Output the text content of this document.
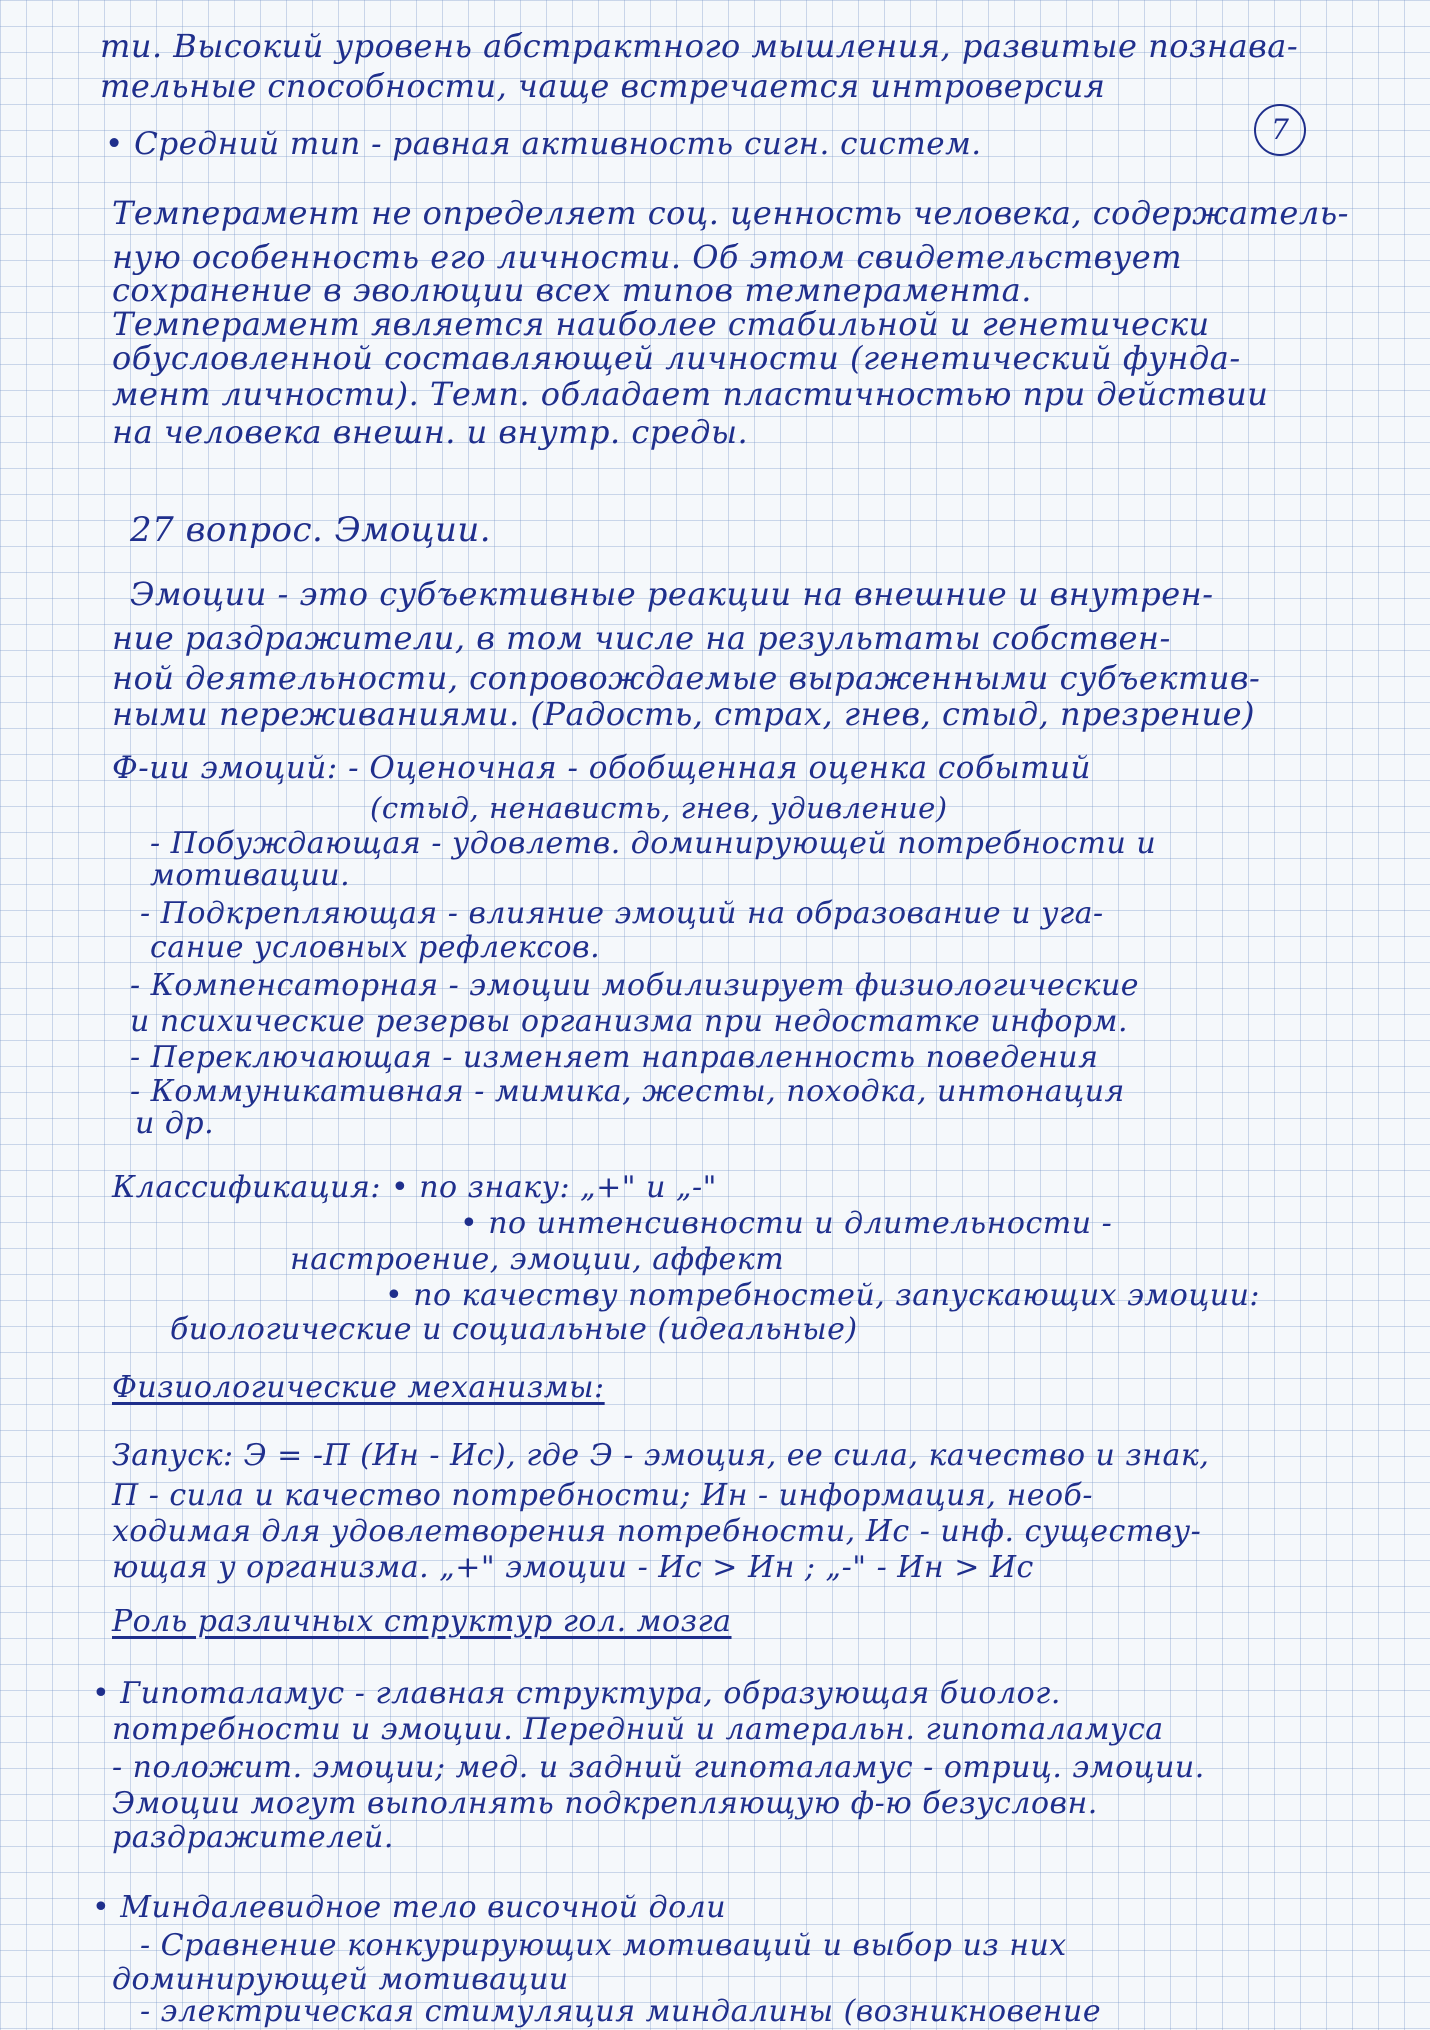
7
ти. Высокий уровень абстрактного мышления, развитые познава-
тельные способности, чаще встречается интроверсия
• Средний тип - равная активность сигн. систем.
Темперамент не определяет соц. ценность человека, содержатель-
ную особенность его личности. Об этом свидетельствует
сохранение в эволюции всех типов темперамента.
Темперамент является наиболее стабильной и генетически
обусловленной составляющей личности (генетический фунда-
мент личности). Темп. обладает пластичностью при действии
на человека внешн. и внутр. среды.
27 вопрос. Эмоции.
Эмоции - это субъективные реакции на внешние и внутрен-
ние раздражители, в том числе на результаты собствен-
ной деятельности, сопровождаемые выраженными субъектив-
ными переживаниями. (Радость, страх, гнев, стыд, презрение)
Ф-ии эмоций: - Оценочная - обобщенная оценка событий
(стыд, ненависть, гнев, удивление)
- Побуждающая - удовлетв. доминирующей потребности и
мотивации.
- Подкрепляющая - влияние эмоций на образование и уга-
сание условных рефлексов.
- Компенсаторная - эмоции мобилизирует физиологические
и психические резервы организма при недостатке информ.
- Переключающая - изменяет направленность поведения
- Коммуникативная - мимика, жесты, походка, интонация
и др.
Классификация: • по знаку: „+" и „-"
• по интенсивности и длительности -
настроение, эмоции, аффект
• по качеству потребностей, запускающих эмоции:
биологические и социальные (идеальные)
Физиологические механизмы:
Запуск: Э = -П (Ин - Ис), где Э - эмоция, ее сила, качество и знак,
П - сила и качество потребности; Ин - информация, необ-
ходимая для удовлетворения потребности, Ис - инф. существу-
ющая у организма. „+" эмоции - Ис > Ин ; „-" - Ин > Ис
Роль различных структур гол. мозга
• Гипоталамус - главная структура, образующая биолог.
потребности и эмоции. Передний и латеральн. гипоталамуса
- положит. эмоции; мед. и задний гипоталамус - отриц. эмоции.
Эмоции могут выполнять подкрепляющую ф-ю безусловн.
раздражителей.
• Миндалевидное тело височной доли
- Сравнение конкурирующих мотиваций и выбор из них
доминирующей мотивации
- электрическая стимуляция миндалины (возникновение
